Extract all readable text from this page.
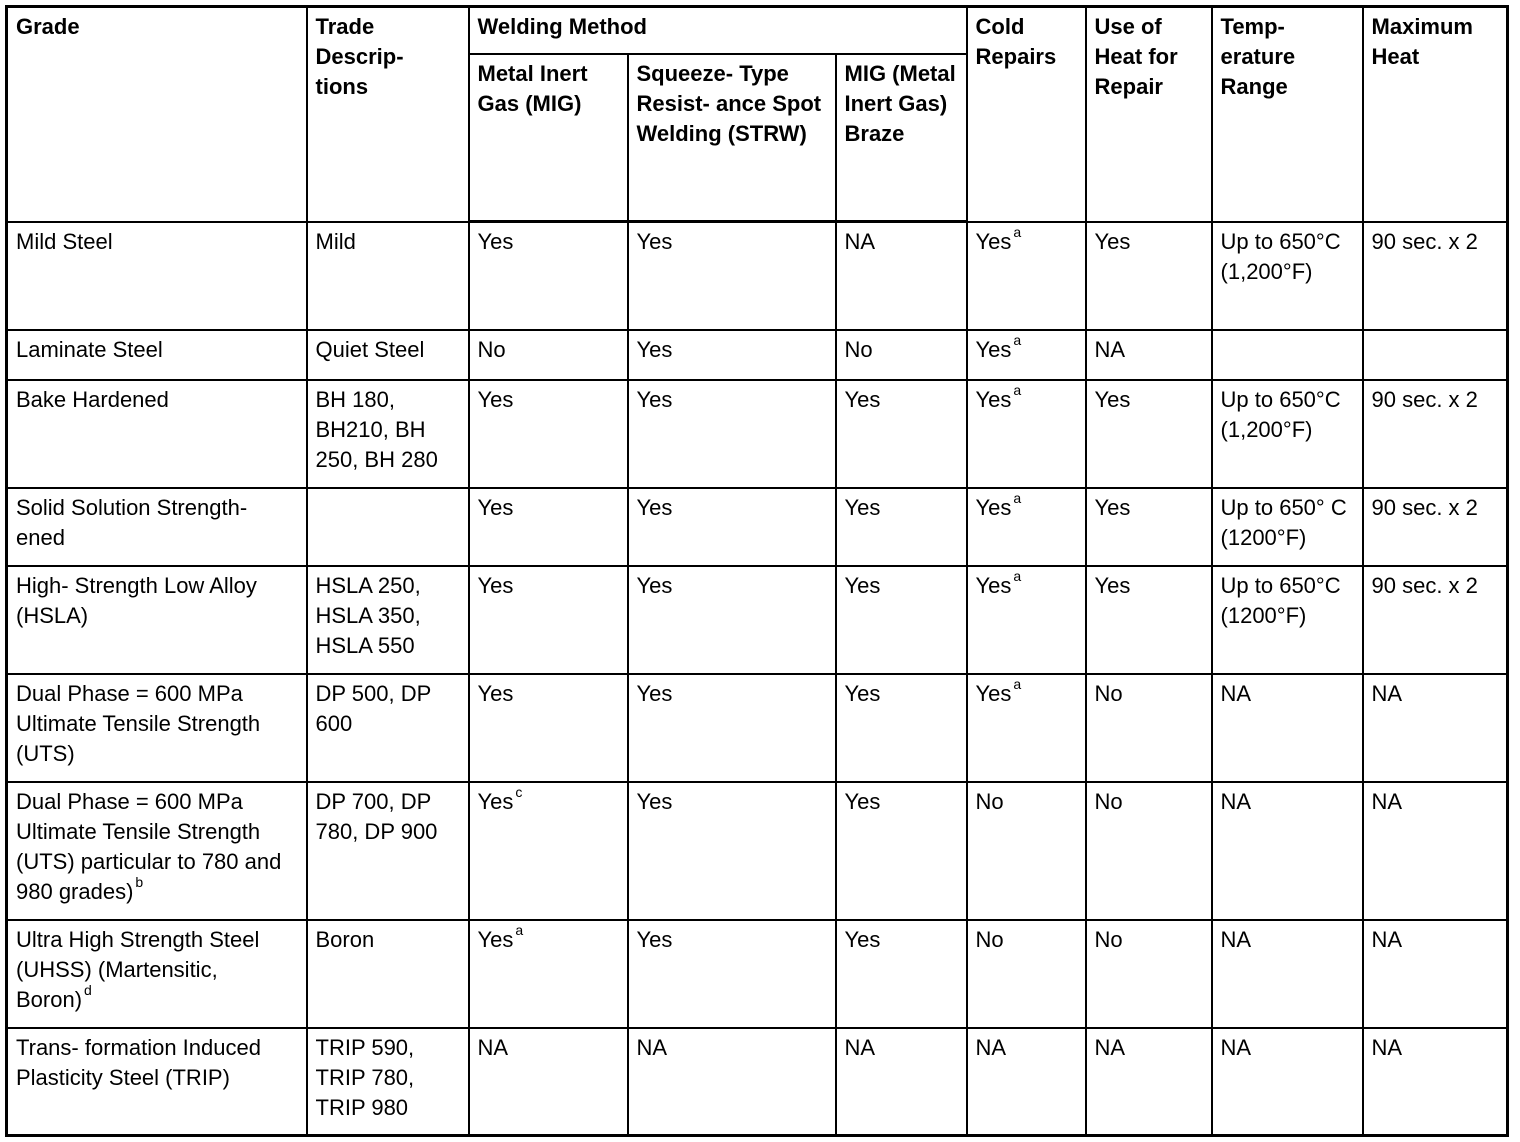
Grade	Trade Descrip- tions	Welding Method			Cold Repairs	Use of Heat for Repair	Temp- erature Range	Maximum Heat
		Metal Inert Gas (MIG)	Squeeze- Type Resist- ance Spot Welding (STRW)	MIG (Metal Inert Gas) Braze				
Mild Steel	Mild	Yes	Yes	NA	Yes $^a$	Yes	Up to 650°C (1,200°F)	90 sec. x 2
Laminate Steel	Quiet Steel	No	Yes	No	Yes $^a$	NA		
Bake Hardened	BH 180, BH210, BH 250, BH 280	Yes	Yes	Yes	Yes $^a$	Yes	Up to 650°C (1,200°F)	90 sec. x 2
Solid Solution Strength- ened		Yes	Yes	Yes	Yes $^a$	Yes	Up to 650° C (1200°F)	90 sec. x 2
High- Strength Low Alloy (HSLA)	HSLA 250, HSLA 350, HSLA 550	Yes	Yes	Yes	Yes $^a$	Yes	Up to 650°C (1200°F)	90 sec. x 2
Dual Phase = 600 MPa Ultimate Tensile Strength (UTS)	DP 500, DP 600	Yes	Yes	Yes	Yes $^a$	No	NA	NA
Dual Phase = 600 MPa Ultimate Tensile Strength (UTS) particular to 780 and 980 grades) $^b$	DP 700, DP 780, DP 900	Yes $^c$	Yes	Yes	No	No	NA	NA
Ultra High Strength Steel (UHSS) (Martensitic, Boron) $^d$	Boron	Yes $^a$	Yes	Yes	No	No	NA	NA
Trans- formation Induced Plasticity Steel (TRIP)	TRIP 590, TRIP 780, TRIP 980	NA	NA	NA	NA	NA	NA	NA
